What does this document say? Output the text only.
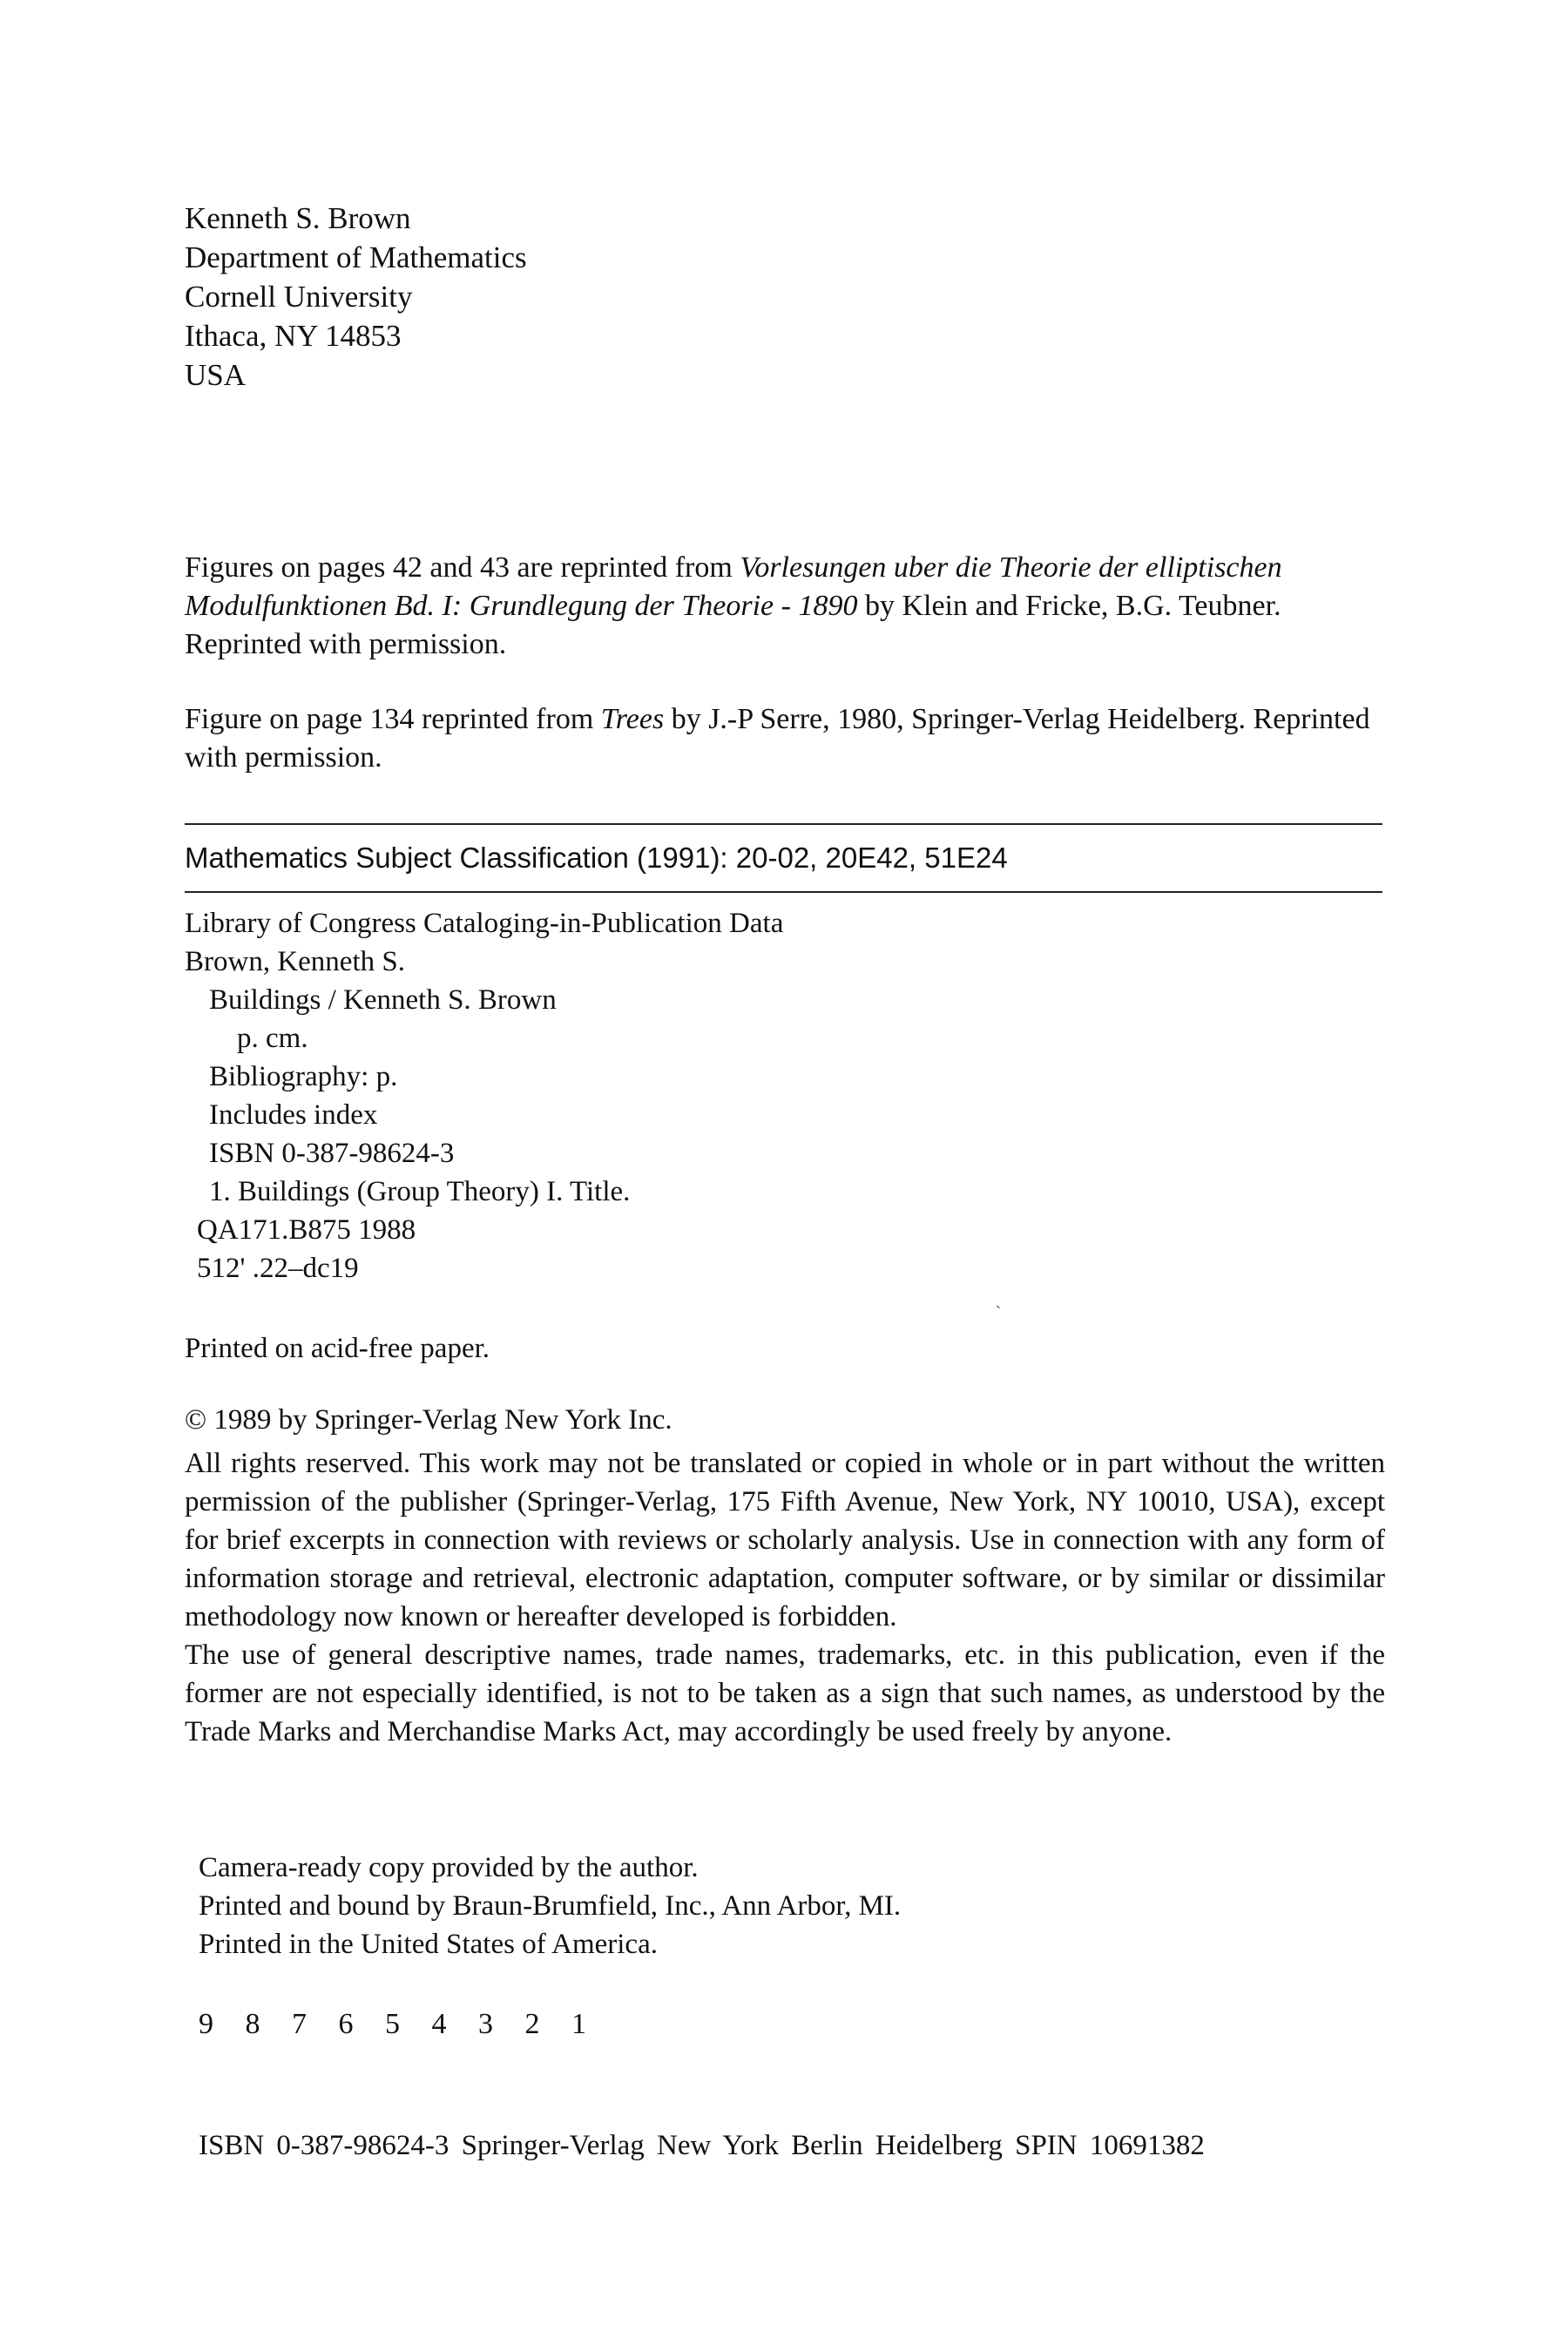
Kenneth S. Brown
Department of Mathematics
Cornell University
Ithaca, NY 14853
USA

Figures on pages 42 and 43 are reprinted from Vorlesungen uber die Theorie der elliptischen Modulfunktionen Bd. I: Grundlegung der Theorie - 1890 by Klein and Fricke, B.G. Teubner. Reprinted with permission.

Figure on page 134 reprinted from Trees by J.-P Serre, 1980, Springer-Verlag Heidelberg. Reprinted with permission.

Mathematics Subject Classification (1991): 20-02, 20E42, 51E24
Library of Congress Cataloging-in-Publication Data
Brown, Kenneth S.
Buildings / Kenneth S. Brown
p. cm.
Bibliography: p.
Includes index
ISBN 0-387-98624-3
1. Buildings (Group Theory) I. Title.
QA171.B875 1988
512' .22–dc19
ˎ
Printed on acid-free paper.

© 1989 by Springer-Verlag New York Inc.

All rights reserved. This work may not be translated or copied in whole or in part without the written permission of the publisher (Springer-Verlag, 175 Fifth Avenue, New York, NY 10010, USA), except for brief excerpts in connection with reviews or scholarly analysis. Use in connection with any form of information storage and retrieval, electronic adaptation, computer software, or by similar or dissimilar methodology now known or hereafter developed is forbidden.

The use of general descriptive names, trade names, trademarks, etc. in this publication, even if the former are not especially identified, is not to be taken as a sign that such names, as understood by the Trade Marks and Merchandise Marks Act, may accordingly be used freely by anyone.

Camera-ready copy provided by the author.
Printed and bound by Braun-Brumfield, Inc., Ann Arbor, MI.
Printed in the United States of America.
9 8 7 6 5 4 3 2 1
ISBN 0-387-98624-3 Springer-Verlag New York Berlin Heidelberg SPIN 10691382
